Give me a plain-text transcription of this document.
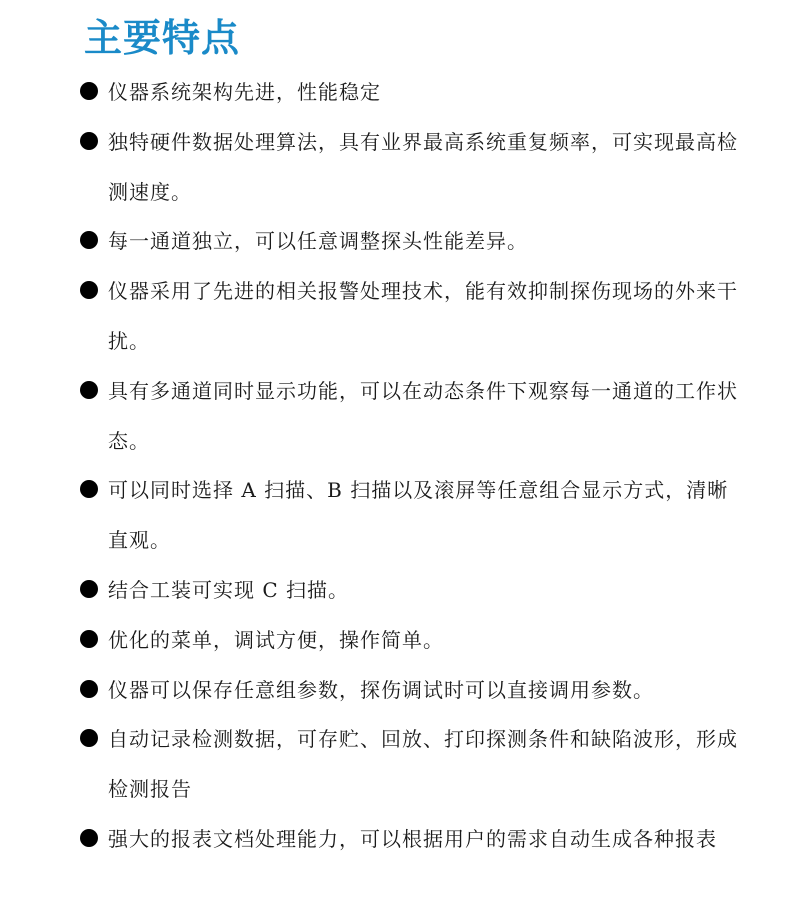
主要特点
仪器系统架构先进，性能稳定
独特硬件数据处理算法，具有业界最高系统重复频率，可实现最高检测速度。
每一通道独立，可以任意调整探头性能差异。
仪器采用了先进的相关报警处理技术，能有效抑制探伤现场的外来干扰。
具有多通道同时显示功能，可以在动态条件下观察每一通道的工作状态。
可以同时选择 A 扫描、B 扫描以及滚屏等任意组合显示方式，清晰直观。
结合工装可实现 C 扫描。
优化的菜单，调试方便，操作简单。
仪器可以保存任意组参数，探伤调试时可以直接调用参数。
自动记录检测数据，可存贮、回放、打印探测条件和缺陷波形，形成检测报告
强大的报表文档处理能力，可以根据用户的需求自动生成各种报表
